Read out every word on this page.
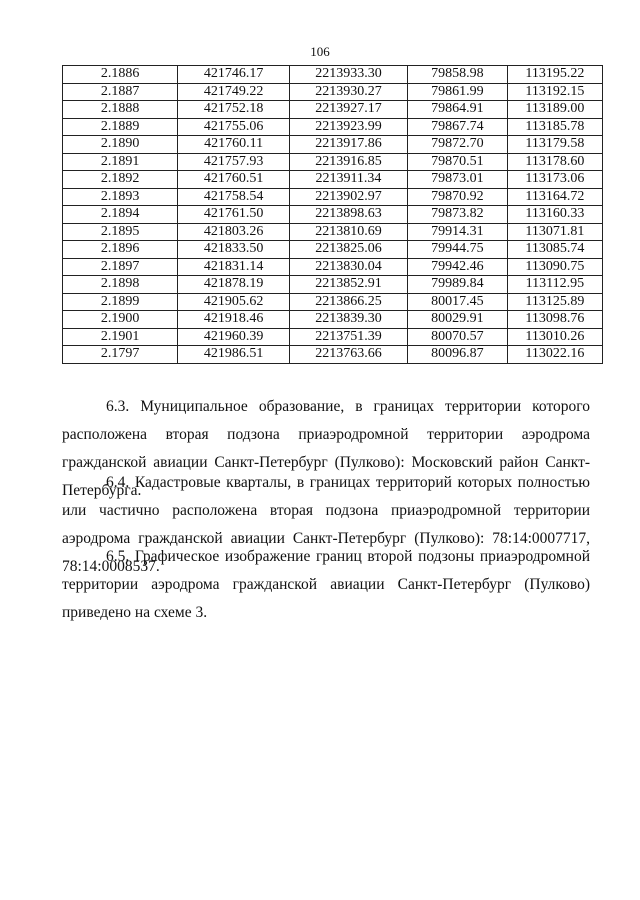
106
2.1886	421746.17	2213933.30	79858.98	113195.22
2.1887	421749.22	2213930.27	79861.99	113192.15
2.1888	421752.18	2213927.17	79864.91	113189.00
2.1889	421755.06	2213923.99	79867.74	113185.78
2.1890	421760.11	2213917.86	79872.70	113179.58
2.1891	421757.93	2213916.85	79870.51	113178.60
2.1892	421760.51	2213911.34	79873.01	113173.06
2.1893	421758.54	2213902.97	79870.92	113164.72
2.1894	421761.50	2213898.63	79873.82	113160.33
2.1895	421803.26	2213810.69	79914.31	113071.81
2.1896	421833.50	2213825.06	79944.75	113085.74
2.1897	421831.14	2213830.04	79942.46	113090.75
2.1898	421878.19	2213852.91	79989.84	113112.95
2.1899	421905.62	2213866.25	80017.45	113125.89
2.1900	421918.46	2213839.30	80029.91	113098.76
2.1901	421960.39	2213751.39	80070.57	113010.26
2.1797	421986.51	2213763.66	80096.87	113022.16
6.3. Муниципальное образование, в границах территории которого расположена вторая подзона приаэродромной территории аэродрома гражданской авиации Санкт-Петербург (Пулково): Московский район Санкт-Петербурга.
6.4. Кадастровые кварталы, в границах территорий которых полностью или частично расположена вторая подзона приаэродромной территории аэродрома гражданской авиации Санкт-Петербург (Пулково): 78:14:0007717, 78:14:0008537.
6.5. Графическое изображение границ второй подзоны приаэродромной территории аэродрома гражданской авиации Санкт-Петербург (Пулково) приведено на схеме 3.
